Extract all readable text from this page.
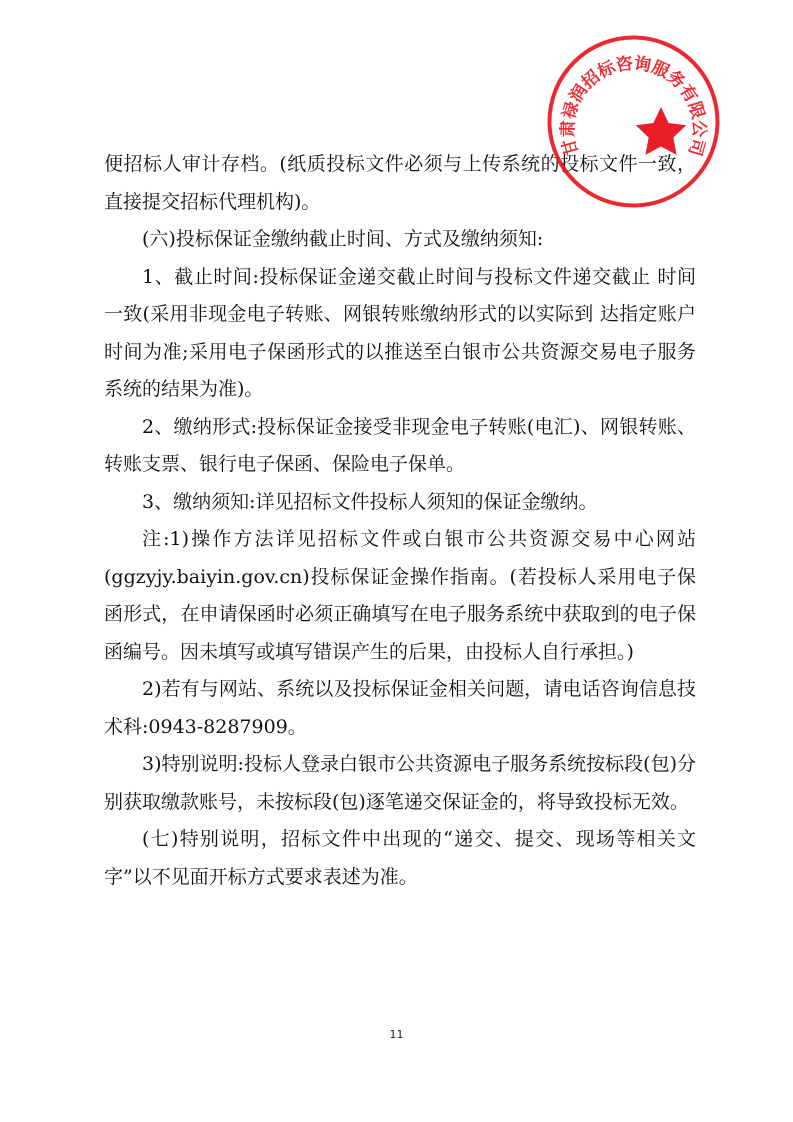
便招标人审计存档。(纸质投标文件必须与上传系统的投标文件一致，直接提交招标代理机构)。

(六)投标保证金缴纳截止时间、方式及缴纳须知:

1、截止时间:投标保证金递交截止时间与投标文件递交截止 时间一致(采用非现金电子转账、网银转账缴纳形式的以实际到 达指定账户时间为准;采用电子保函形式的以推送至白银市公共资源交易电子服务系统的结果为准)。

2、缴纳形式:投标保证金接受非现金电子转账(电汇)、网银转账、转账支票、银行电子保函、保险电子保单。

3、缴纳须知:详见招标文件投标人须知的保证金缴纳。

注:1)操作方法详见招标文件或白银市公共资源交易中心网站(ggzyjy.baiyin.gov.cn)投标保证金操作指南。(若投标人采用电子保函形式，在申请保函时必须正确填写在电子服务系统中获取到的电子保函编号。因未填写或填写错误产生的后果，由投标人自行承担。)

2)若有与网站、系统以及投标保证金相关问题，请电话咨询信息技术科:0943-8287909。

3)特别说明:投标人登录白银市公共资源电子服务系统按标段(包)分别获取缴款账号，未按标段(包)逐笔递交保证金的，将导致投标无效。

(七)特别说明，招标文件中出现的“递交、提交、现场等相关文字”以不见面开标方式要求表述为准。

甘肃禄润招标咨询服务有限公司
11
